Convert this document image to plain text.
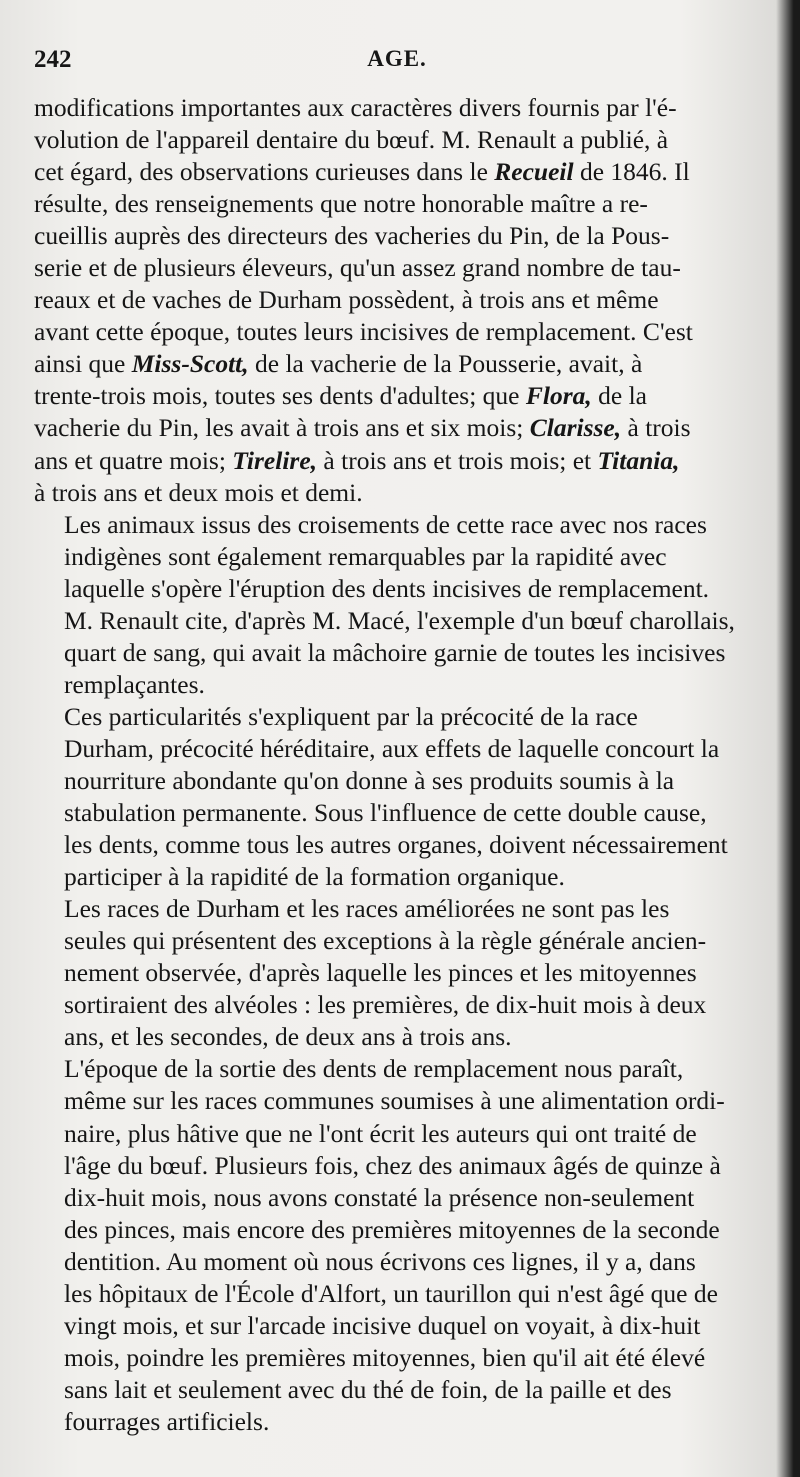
242	AGE.
modifications importantes aux caractères divers fournis par l'é-
volution de l'appareil dentaire du bœuf. M. Renault a publié, à
cet égard, des observations curieuses dans le Recueil de 1846. Il
résulte, des renseignements que notre honorable maître a re-
cueillis auprès des directeurs des vacheries du Pin, de la Pous-
serie et de plusieurs éleveurs, qu'un assez grand nombre de tau-
reaux et de vaches de Durham possèdent, à trois ans et même
avant cette époque, toutes leurs incisives de remplacement. C'est
ainsi que Miss-Scott, de la vacherie de la Pousserie, avait, à
trente-trois mois, toutes ses dents d'adultes; que Flora, de la
vacherie du Pin, les avait à trois ans et six mois; Clarisse, à trois
ans et quatre mois; Tirelire, à trois ans et trois mois; et Titania,
à trois ans et deux mois et demi.
Les animaux issus des croisements de cette race avec nos races
indigènes sont également remarquables par la rapidité avec
laquelle s'opère l'éruption des dents incisives de remplacement.
M. Renault cite, d'après M. Macé, l'exemple d'un bœuf charollais,
quart de sang, qui avait la mâchoire garnie de toutes les incisives
remplaçantes.
Ces particularités s'expliquent par la précocité de la race
Durham, précocité héréditaire, aux effets de laquelle concourt la
nourriture abondante qu'on donne à ses produits soumis à la
stabulation permanente. Sous l'influence de cette double cause,
les dents, comme tous les autres organes, doivent nécessairement
participer à la rapidité de la formation organique.
Les races de Durham et les races améliorées ne sont pas les
seules qui présentent des exceptions à la règle générale ancien-
nement observée, d'après laquelle les pinces et les mitoyennes
sortiraient des alvéoles : les premières, de dix-huit mois à deux
ans, et les secondes, de deux ans à trois ans.
L'époque de la sortie des dents de remplacement nous paraît,
même sur les races communes soumises à une alimentation ordi-
naire, plus hâtive que ne l'ont écrit les auteurs qui ont traité de
l'âge du bœuf. Plusieurs fois, chez des animaux âgés de quinze à
dix-huit mois, nous avons constaté la présence non-seulement
des pinces, mais encore des premières mitoyennes de la seconde
dentition. Au moment où nous écrivons ces lignes, il y a, dans
les hôpitaux de l'École d'Alfort, un taurillon qui n'est âgé que de
vingt mois, et sur l'arcade incisive duquel on voyait, à dix-huit
mois, poindre les premières mitoyennes, bien qu'il ait été élevé
sans lait et seulement avec du thé de foin, de la paille et des
fourrages artificiels.
